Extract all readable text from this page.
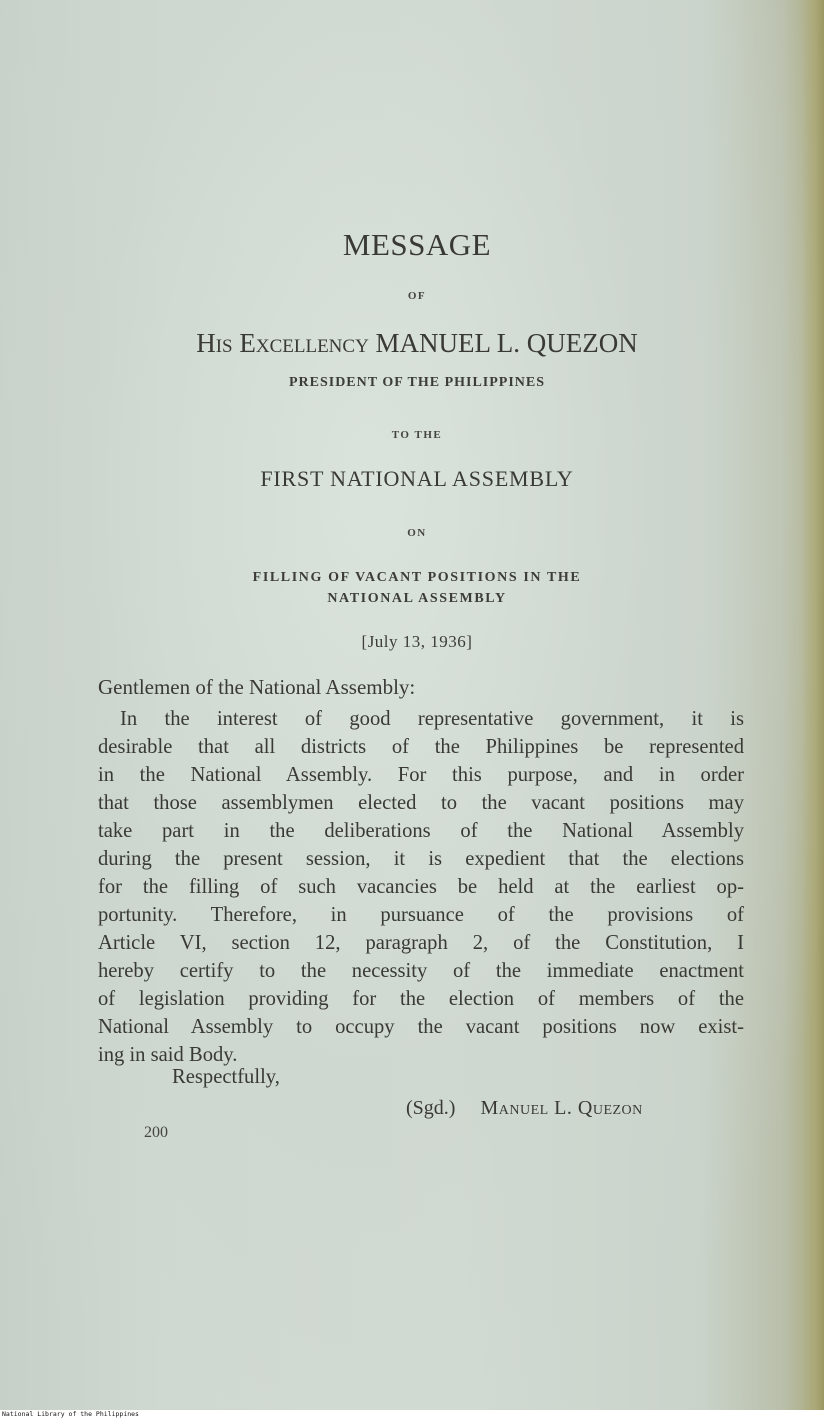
MESSAGE
OF
His Excellency MANUEL L. QUEZON
PRESIDENT OF THE PHILIPPINES
TO THE
FIRST NATIONAL ASSEMBLY
ON
FILLING OF VACANT POSITIONS IN THE
NATIONAL ASSEMBLY
[July 13, 1936]
Gentlemen of the National Assembly:
In the interest of good representative government, it is
desirable that all districts of the Philippines be represented
in the National Assembly. For this purpose, and in order
that those assemblymen elected to the vacant positions may
take part in the deliberations of the National Assembly
during the present session, it is expedient that the elections
for the filling of such vacancies be held at the earliest op-
portunity. Therefore, in pursuance of the provisions of
Article VI, section 12, paragraph 2, of the Constitution, I
hereby certify to the necessity of the immediate enactment
of legislation providing for the election of members of the
National Assembly to occupy the vacant positions now exist-
ing in said Body.
Respectfully,
(Sgd.) Manuel L. Quezon
200
National Library of the Philippines
